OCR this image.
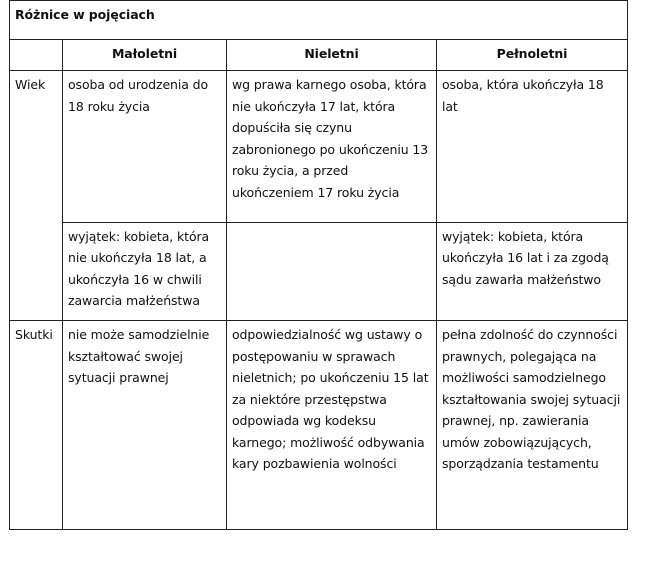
Różnice w pojęciach			
	Małoletni	Nieletni	Pełnoletni
Wiek	osoba od urodzenia do 18 roku życia	wg prawa karnego osoba, która nie ukończyła 17 lat, która dopuściła się czynu zabronionego po ukończeniu 13 roku życia, a przed ukończeniem 17 roku życia	osoba, która ukończyła 18 lat
	wyjątek: kobieta, która nie ukończyła 18 lat, a ukończyła 16 w chwili zawarcia małżeństwa		wyjątek: kobieta, która ukończyła 16 lat i za zgodą sądu zawarła małżeństwo
Skutki	nie może samodzielnie kształtować swojej sytuacji prawnej	odpowiedzialność wg ustawy o postępowaniu w sprawach nieletnich; po ukończeniu 15 lat za niektóre przestępstwa odpowiada wg kodeksu karnego; możliwość odbywania kary pozbawienia wolności	pełna zdolność do czynności prawnych, polegająca na możliwości samodzielnego kształtowania swojej sytuacji prawnej, np. zawierania umów zobowiązujących, sporządzania testamentu
